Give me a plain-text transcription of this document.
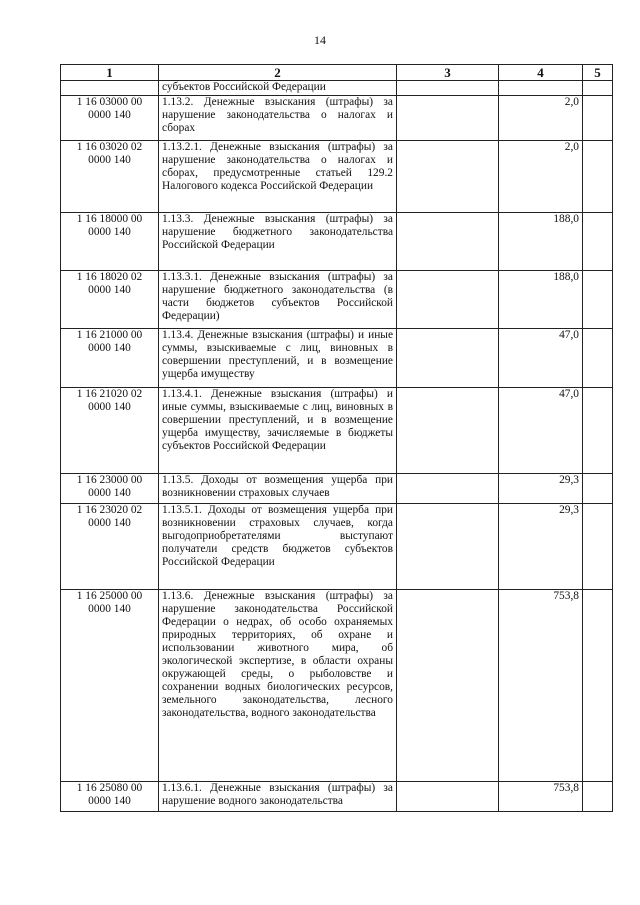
14
1	2	3	4	5
	субъектов Российской Федерации			
1 16 03000 00 0000 140	1.13.2. Денежные взыскания (штрафы) за нарушение законодательства о налогах и сборах		2,0	
1 16 03020 02 0000 140	1.13.2.1. Денежные взыскания (штрафы) за нарушение законодательства о налогах и сборах, предусмотренные статьей 129.2 Налогового кодекса Российской Федерации		2,0	
1 16 18000 00 0000 140	1.13.3. Денежные взыскания (штрафы) за нарушение бюджетного законодательства Российской Федерации		188,0	
1 16 18020 02 0000 140	1.13.3.1. Денежные взыскания (штрафы) за нарушение бюджетного законодательства (в части бюджетов субъектов Российской Федерации)		188,0	
1 16 21000 00 0000 140	1.13.4. Денежные взыскания (штрафы) и иные суммы, взыскиваемые с лиц, виновных в совершении преступлений, и в возмещение ущерба имуществу		47,0	
1 16 21020 02 0000 140	1.13.4.1. Денежные взыскания (штрафы) и иные суммы, взыскиваемые с лиц, виновных в совершении преступлений, и в возмещение ущерба имуществу, зачисляемые в бюджеты субъектов Российской Федерации		47,0	
1 16 23000 00 0000 140	1.13.5. Доходы от возмещения ущерба при возникновении страховых случаев		29,3	
1 16 23020 02 0000 140	1.13.5.1. Доходы от возмещения ущерба при возникновении страховых случаев, когда выгодоприобретателями выступают получатели средств бюджетов субъектов Российской Федерации		29,3	
1 16 25000 00 0000 140	1.13.6. Денежные взыскания (штрафы) за нарушение законодательства Российской Федерации о недрах, об особо охраняемых природных территориях, об охране и использовании животного мира, об экологической экспертизе, в области охраны окружающей среды, о рыболовстве и сохранении водных биологических ресурсов, земельного законодательства, лесного законодательства, водного законодательства		753,8	
1 16 25080 00 0000 140	1.13.6.1. Денежные взыскания (штрафы) за нарушение водного законодательства		753,8	
